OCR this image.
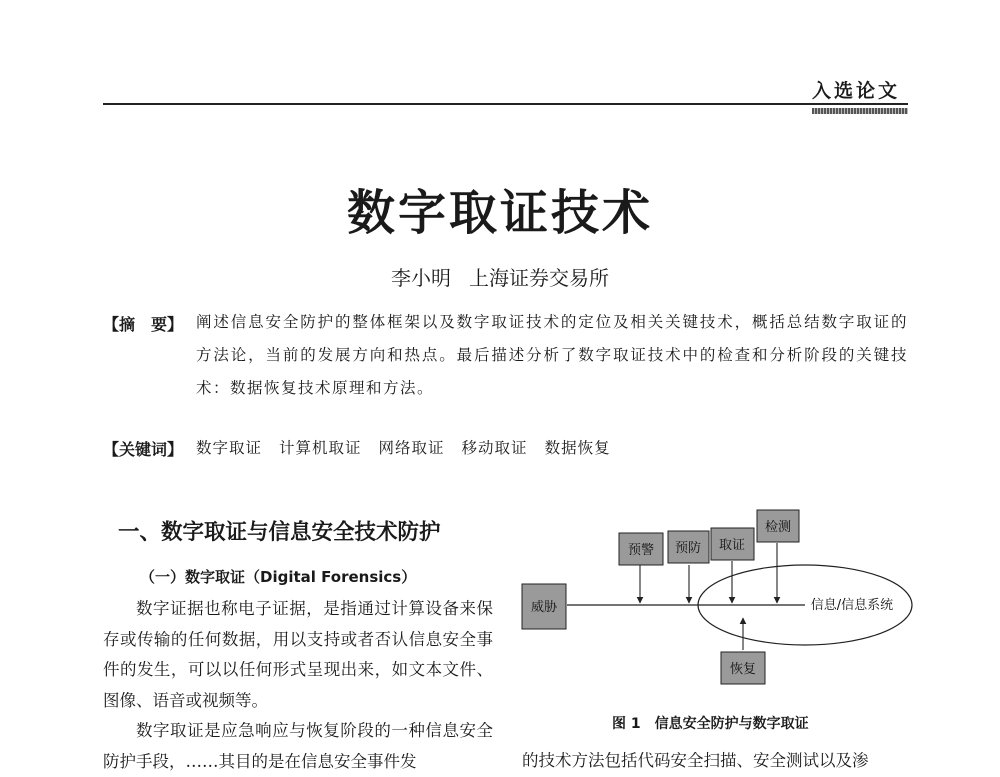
入选论文
数字取证技术
李小明 上海证券交易所
【摘　要】 阐述信息安全防护的整体框架以及数字取证技术的定位及相关关键技术，概括总结数字取证的方法论，当前的发展方向和热点。最后描述分析了数字取证技术中的检查和分析阶段的关键技术：数据恢复技术原理和方法。
【关键词】 数字取证 计算机取证 网络取证 移动取证 数据恢复
一、数字取证与信息安全技术防护
（一）数字取证（Digital Forensics）

数字证据也称电子证据，是指通过计算设备来保存或传输的任何数据，用以支持或者否认信息安全事件的发生，可以以任何形式呈现出来，如文本文件、图像、语音或视频等。

数字取证是应急响应与恢复阶段的一种信息安全防护手段，……其目的是在信息安全事件发

预警 预防 取证
检测
威胁
恢复
信息/信息系统
图 1 信息安全防护与数字取证
的技术方法包括代码安全扫描、安全测试以及渗
